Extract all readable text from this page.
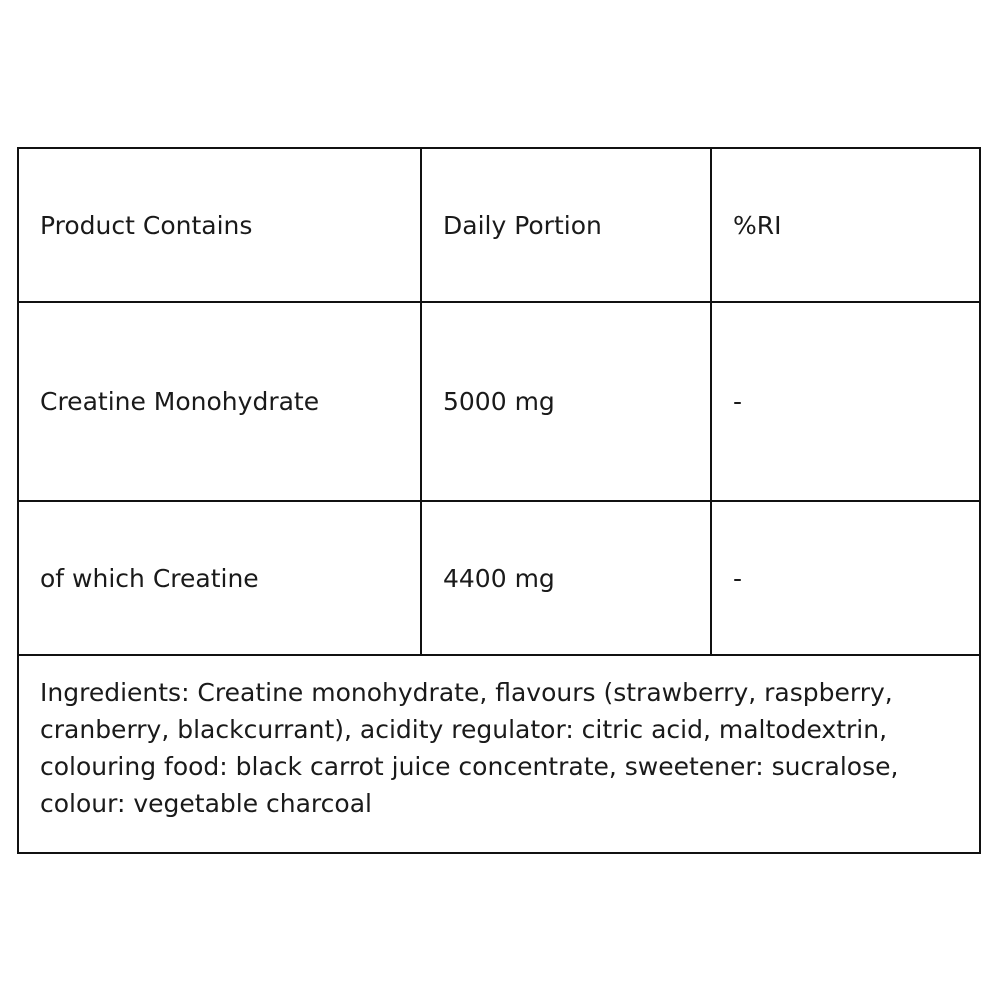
Product Contains	Daily Portion	%RI
Creatine Monohydrate	5000 mg	-
of which Creatine	4400 mg	-
Ingredients: Creatine monohydrate, flavours (strawberry, raspberry, cranberry, blackcurrant), acidity regulator: citric acid, maltodextrin, colouring food: black carrot juice concentrate, sweetener: sucralose, colour: vegetable charcoal		
